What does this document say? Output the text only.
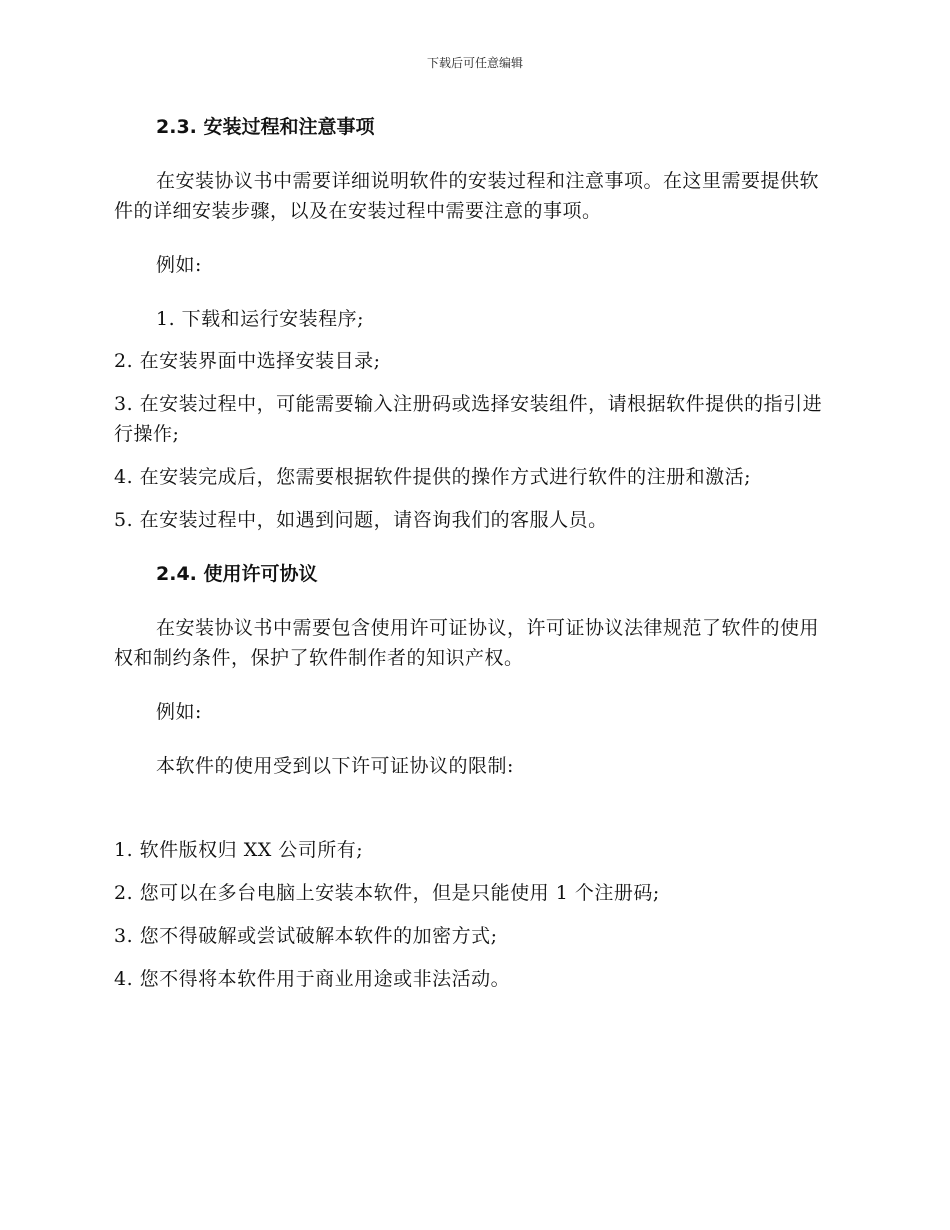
下载后可任意编辑
2.3. 安装过程和注意事项

在安装协议书中需要详细说明软件的安装过程和注意事项。在这里需要提供软件的详细安装步骤，以及在安装过程中需要注意的事项。

例如:

1. 下载和运行安装程序;
2. 在安装界面中选择安装目录;
3. 在安装过程中，可能需要输入注册码或选择安装组件，请根据软件提供的指引进行操作;
4. 在安装完成后，您需要根据软件提供的操作方式进行软件的注册和激活;
5. 在安装过程中，如遇到问题，请咨询我们的客服人员。
2.4. 使用许可协议

在安装协议书中需要包含使用许可证协议，许可证协议法律规范了软件的使用权和制约条件，保护了软件制作者的知识产权。

例如:

本软件的使用受到以下许可证协议的限制:

1. 软件版权归 XX 公司所有;
2. 您可以在多台电脑上安装本软件，但是只能使用 1 个注册码;
3. 您不得破解或尝试破解本软件的加密方式;
4. 您不得将本软件用于商业用途或非法活动。
